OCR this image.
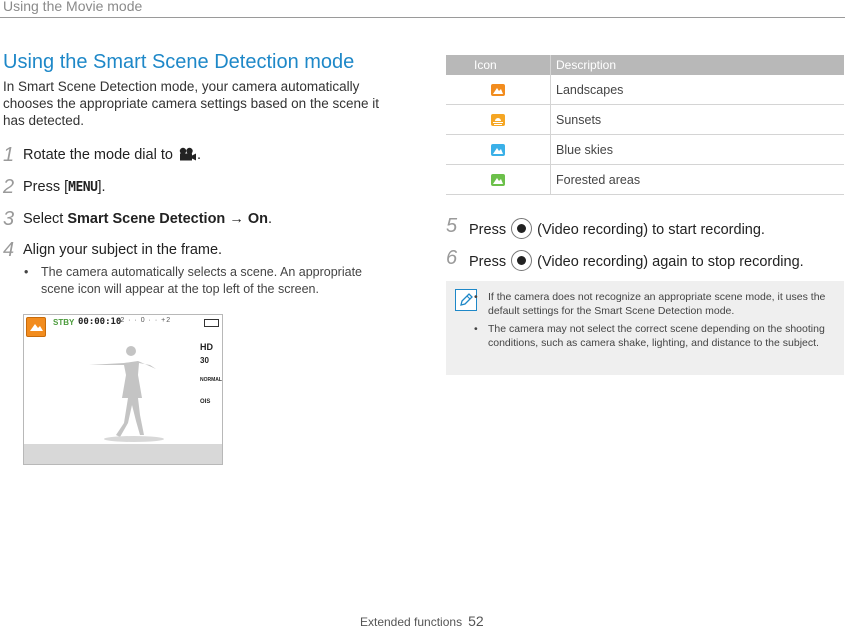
Using the Movie mode
Using the Smart Scene Detection mode
In Smart Scene Detection mode, your camera automatically chooses the appropriate camera settings based on the scene it has detected.
1 Rotate the mode dial to .
2 Press [MENU].
3 Select Smart Scene Detection → On.
4 Align your subject in the frame.
• The camera automatically selects a scene. An appropriate scene icon will appear at the top left of the screen.
STBY 00:00:10
-2 · · 0 · · +2
HD
30
NORMAL
OIS
Icon	Description

	Landscapes

	Sunsets

	Blue skies

	Forested areas
5 Press (Video recording) to start recording.
6 Press (Video recording) again to stop recording.
• If the camera does not recognize an appropriate scene mode, it uses the default settings for the Smart Scene Detection mode.
• The camera may not select the correct scene depending on the shooting conditions, such as camera shake, lighting, and distance to the subject.
Extended functions 52
